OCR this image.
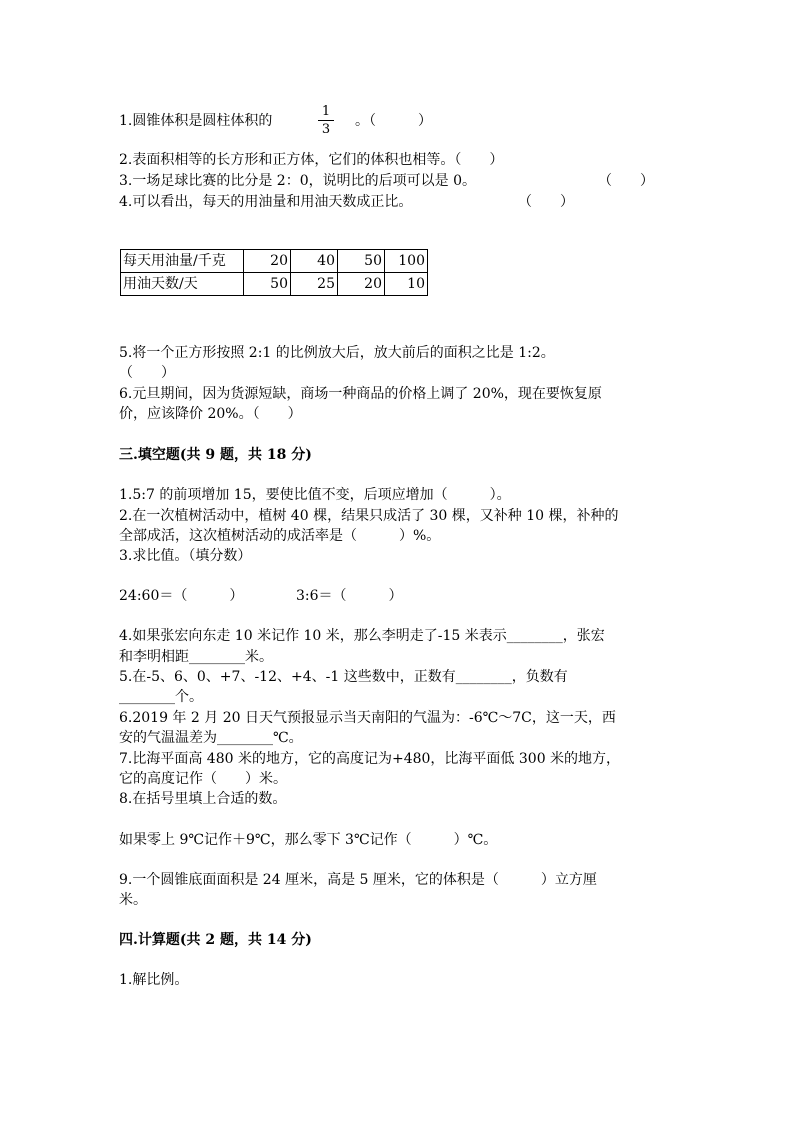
1.圆锥体积是圆柱体积的
1
3
。（　　　）
2.表面积相等的长方形和正方体，它们的体积也相等。（　　）
3.一场足球比赛的比分是 2：0，说明比的后项可以是 0。	（　　）
4.可以看出，每天的用油量和用油天数成正比。	（　　）
每天用油量/千克	20	40	50	100
用油天数/天	50	25	20	10
5.将一个正方形按照 2:1 的比例放大后，放大前后的面积之比是 1:2。
（　　）
6.元旦期间，因为货源短缺，商场一种商品的价格上调了 20%，现在要恢复原
价，应该降价 20%。（　　）
三.填空题(共 9 题，共 18 分)
1.5:7 的前项增加 15，要使比值不变，后项应增加（　　　）。
2.在一次植树活动中，植树 40 棵，结果只成活了 30 棵，又补种 10 棵，补种的
全部成活，这次植树活动的成活率是（　　　）%。
3.求比值。（填分数）
24:60＝（　　　）	3:6＝（　　　）
4.如果张宏向东走 10 米记作 10 米，那么李明走了-15 米表示________，张宏
和李明相距________米。
5.在-5、6、0、+7、-12、+4、-1 这些数中，正数有________，负数有
________个。
6.2019 年 2 月 20 日天气预报显示当天南阳的气温为：-6℃～7C，这一天，西
安的气温温差为________℃。
7.比海平面高 480 米的地方，它的高度记为+480，比海平面低 300 米的地方，
它的高度记作（　　）米。
8.在括号里填上合适的数。
如果零上 9℃记作＋9℃，那么零下 3℃记作（　　　）℃。
9.一个圆锥底面面积是 24 厘米，高是 5 厘米，它的体积是（　　　）立方厘
米。
四.计算题(共 2 题，共 14 分)
1.解比例。
